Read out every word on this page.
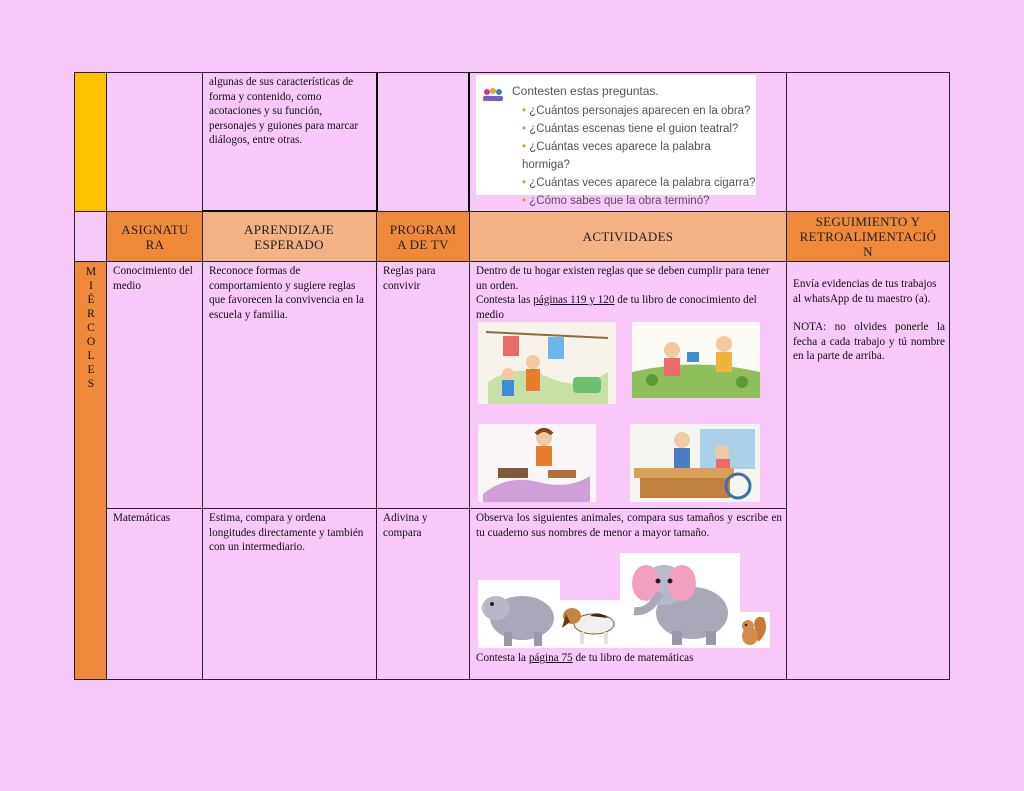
algunas de sus características de forma y contenido, como acotaciones y su función, personajes y guiones para marcar diálogos, entre otras.
Contesten estas preguntas.
• ¿Cuántos personajes aparecen en la obra?
• ¿Cuántas escenas tiene el guion teatral?
• ¿Cuántas veces aparece la palabra hormiga?
• ¿Cuántas veces aparece la palabra cigarra?
• ¿Cómo sabes que la obra terminó?
ASIGNATU
RA
APRENDIZAJE
ESPERADO
PROGRAM
A DE TV	ACTIVIDADES
SEGUIMIENTO Y
RETROALIMENTACIÓ
N
M
I
É
R
C
O
L
E
S
Conocimiento del medio
Reconoce formas de comportamiento y sugiere reglas que favorecen la convivencia en la escuela y familia.
Reglas para convivir
Dentro de tu hogar existen reglas que se deben cumplir para tener un orden.
Contesta las páginas 119 y 120 de tu libro de conocimiento del medio
Matemáticas	Estima, compara y ordena longitudes directamente y también con un intermediario.
Adivina y compara
Observa los siguientes animales, compara sus tamaños y escribe en tu cuaderno sus nombres de menor a mayor tamaño.
Contesta la página 75 de tu libro de matemáticas
Envía evidencias de tus trabajos al whatsApp de tu maestro (a).
NOTA: no olvides ponerle la fecha a cada trabajo y tú nombre en la parte de arriba.
